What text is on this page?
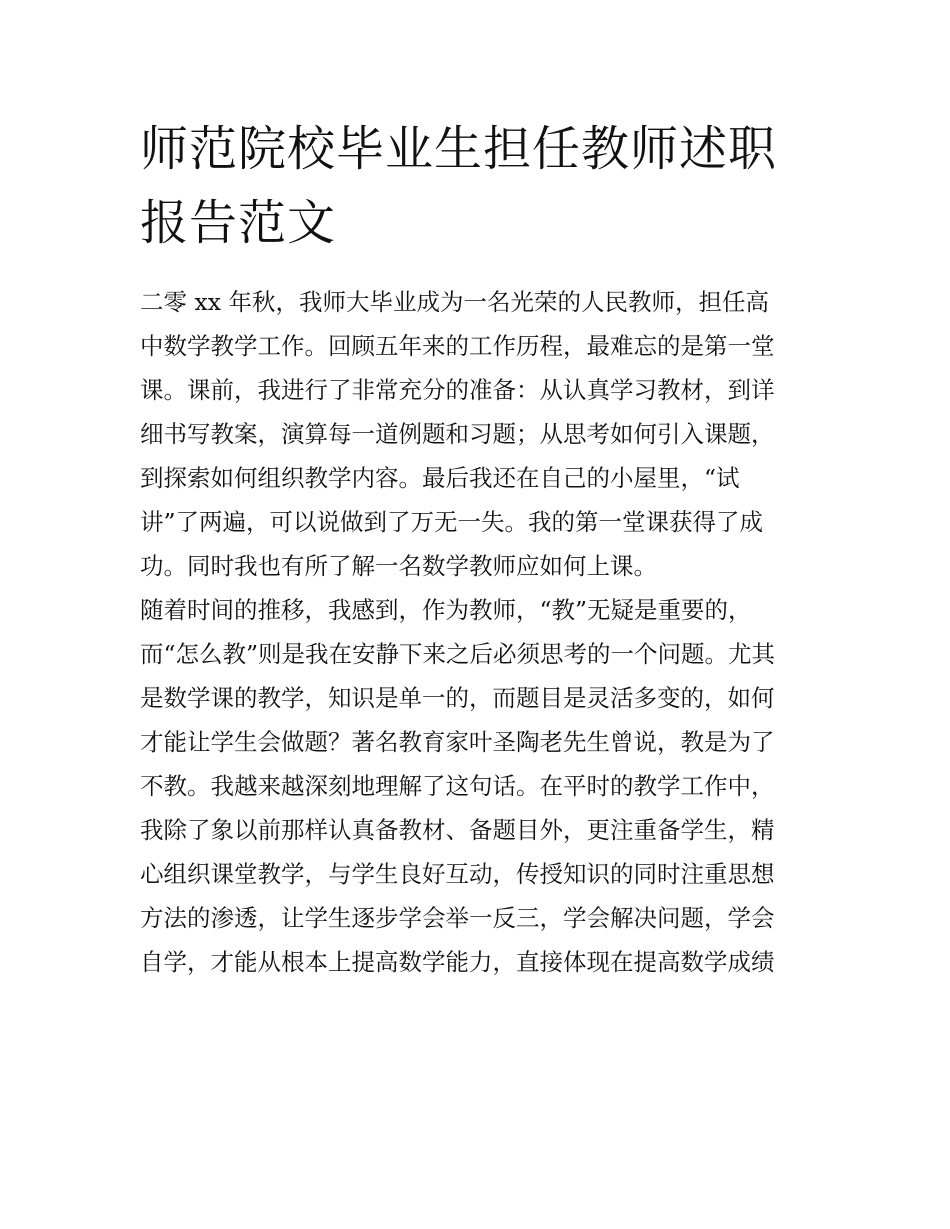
师范院校毕业生担任教师述职
报告范文
二零 xx 年秋，我师大毕业成为一名光荣的人民教师，担任高
中数学教学工作。回顾五年来的工作历程，最难忘的是第一堂
课。课前，我进行了非常充分的准备：从认真学习教材，到详
细书写教案，演算每一道例题和习题；从思考如何引入课题，
到探索如何组织教学内容。最后我还在自己的小屋里，“试
讲”了两遍，可以说做到了万无一失。我的第一堂课获得了成
功。同时我也有所了解一名数学教师应如何上课。
随着时间的推移，我感到，作为教师，“教”无疑是重要的，
而“怎么教”则是我在安静下来之后必须思考的一个问题。尤其
是数学课的教学，知识是单一的，而题目是灵活多变的，如何
才能让学生会做题？著名教育家叶圣陶老先生曾说，教是为了
不教。我越来越深刻地理解了这句话。在平时的教学工作中，
我除了象以前那样认真备教材、备题目外，更注重备学生，精
心组织课堂教学，与学生良好互动，传授知识的同时注重思想
方法的渗透，让学生逐步学会举一反三，学会解决问题，学会
自学，才能从根本上提高数学能力，直接体现在提高数学成绩
